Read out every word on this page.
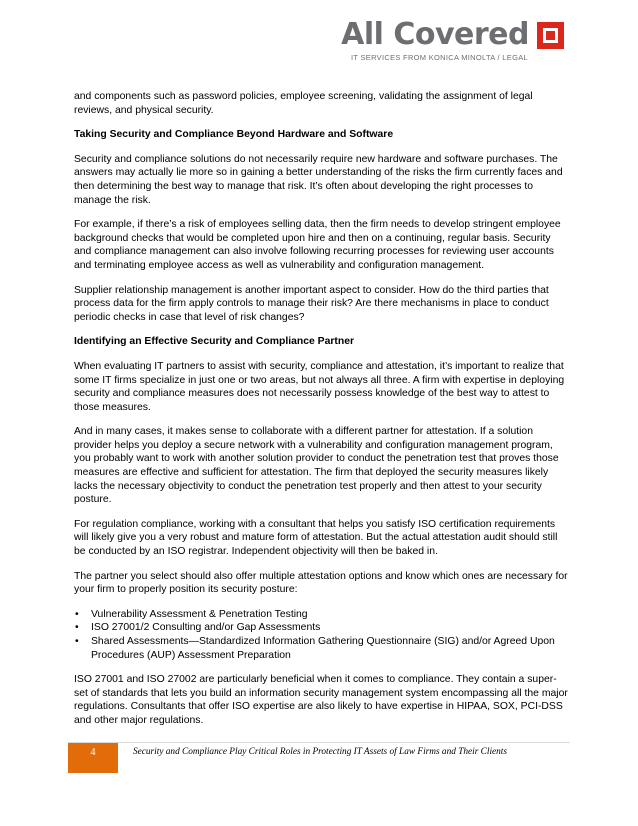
All Covered
IT SERVICES FROM KONICA MINOLTA / LEGAL

and components such as password policies, employee screening, validating the assignment of legal reviews, and physical security.

Taking Security and Compliance Beyond Hardware and Software

Security and compliance solutions do not necessarily require new hardware and software purchases. The answers may actually lie more so in gaining a better understanding of the risks the firm currently faces and then determining the best way to manage that risk. It’s often about developing the right processes to manage the risk.

For example, if there’s a risk of employees selling data, then the firm needs to develop stringent employee background checks that would be completed upon hire and then on a continuing, regular basis. Security and compliance management can also involve following recurring processes for reviewing user accounts and terminating employee access as well as vulnerability and configuration management.

Supplier relationship management is another important aspect to consider. How do the third parties that process data for the firm apply controls to manage their risk? Are there mechanisms in place to conduct periodic checks in case that level of risk changes?

Identifying an Effective Security and Compliance Partner

When evaluating IT partners to assist with security, compliance and attestation, it’s important to realize that some IT firms specialize in just one or two areas, but not always all three. A firm with expertise in deploying security and compliance measures does not necessarily possess knowledge of the best way to attest to those measures.

And in many cases, it makes sense to collaborate with a different partner for attestation. If a solution provider helps you deploy a secure network with a vulnerability and configuration management program, you probably want to work with another solution provider to conduct the penetration test that proves those measures are effective and sufficient for attestation. The firm that deployed the security measures likely lacks the necessary objectivity to conduct the penetration test properly and then attest to your security posture.

For regulation compliance, working with a consultant that helps you satisfy ISO certification requirements will likely give you a very robust and mature form of attestation. But the actual attestation audit should still be conducted by an ISO registrar. Independent objectivity will then be baked in.

The partner you select should also offer multiple attestation options and know which ones are necessary for your firm to properly position its security posture:

• Vulnerability Assessment & Penetration Testing
• ISO 27001/2 Consulting and/or Gap Assessments
• Shared Assessments—Standardized Information Gathering Questionnaire (SIG) and/or Agreed Upon Procedures (AUP) Assessment Preparation

ISO 27001 and ISO 27002 are particularly beneficial when it comes to compliance. They contain a super-set of standards that lets you build an information security management system encompassing all the major regulations. Consultants that offer ISO expertise are also likely to have expertise in HIPAA, SOX, PCI-DSS and other major regulations.

4	Security and Compliance Play Critical Roles in Protecting IT Assets of Law Firms and Their Clients
